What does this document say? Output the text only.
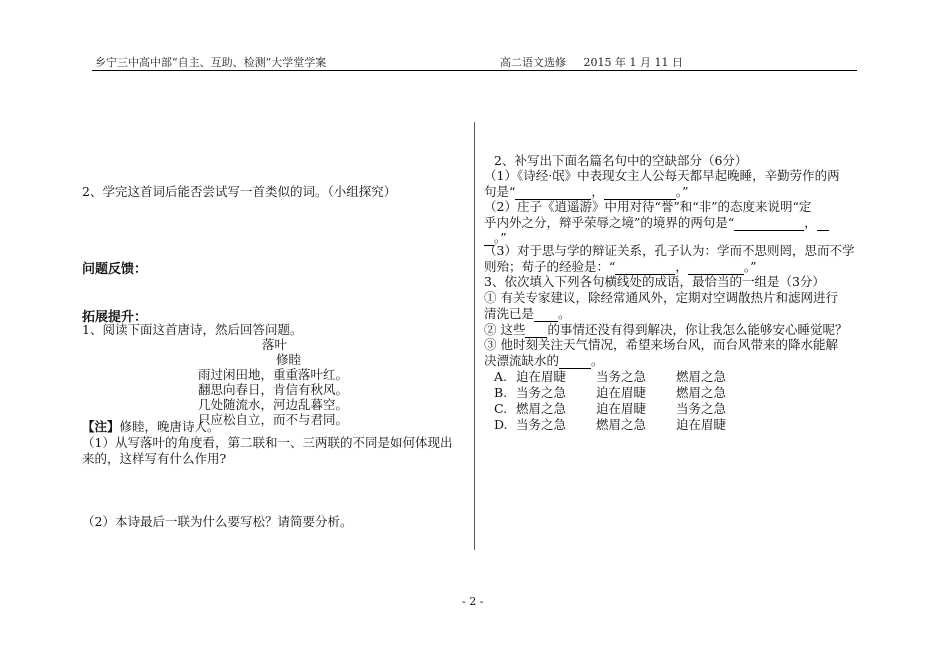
乡宁三中高中部“自主、互助、检测”大学堂学案	高二语文选修     2015 年 1 月 11 日
2、学完这首词后能否尝试写一首类似的词。（小组探究）
问题反馈：
拓展提升：
1、阅读下面这首唐诗，然后回答问题。
落叶
修睦
雨过闲田地，重重落叶红。
翻思向春日，肯信有秋风。
几处随流水，河边乱暮空。
只应松自立，而不与君同。
【注】修睦，晚唐诗人。
（1）从写落叶的角度看，第二联和一、三两联的不同是如何体现出
来的，这样写有什么作用?
（2）本诗最后一联为什么要写松？请简要分析。
2、补写出下面名篇名句中的空缺部分（6分）
（1）《诗经·氓》中表现女主人公每天都早起晚睡，辛勤劳作的两
句是“	，	。”
（2）庄子《逍遥游》中用对待“誉”和“非”的态度来说明“定
乎内外之分，辩乎荣辱之境”的境界的两句是“	，
。”
（3）对于思与学的辩证关系，孔子认为：学而不思则罔，思而不学
则殆；荀子的经验是：“	，	。”
3、依次填入下列各句横线处的成语，最恰当的一组是（3分）
① 有关专家建议，除经常通风外，定期对空调散热片和滤网进行
清洗已是 。
② 这些 的事情还没有得到解决，你让我怎么能够安心睡觉呢？
③ 他时刻关注天气情况，希望来场台风，而台风带来的降水能解
决漂流缺水的	。
A. 迫在眉睫 当务之急 燃眉之急
B. 当务之急 迫在眉睫 燃眉之急
C. 燃眉之急 迫在眉睫 当务之急
D. 当务之急 燃眉之急 迫在眉睫
- 2 -
